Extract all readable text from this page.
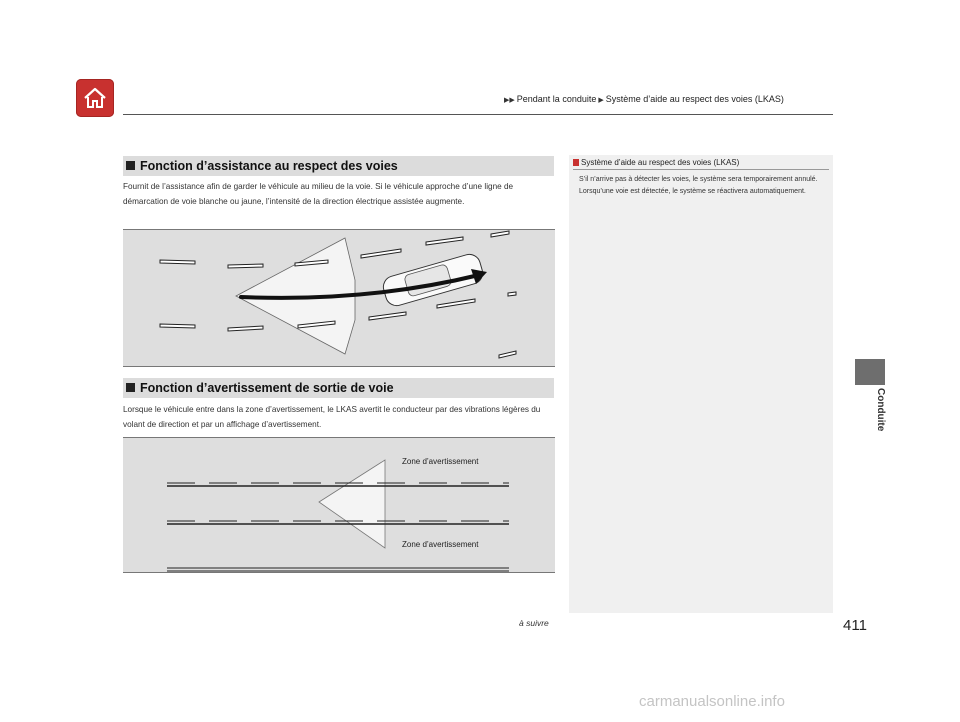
▶▶ Pendant la conduite ▶ Système d’aide au respect des voies (LKAS)
Conduite
Fonction d’assistance au respect des voies
Fournit de l’assistance afin de garder le véhicule au milieu de la voie. Si le véhicule approche d’une ligne de démarcation de voie blanche ou jaune, l’intensité de la direction électrique assistée augmente.
Fonction d’avertissement de sortie de voie
Lorsque le véhicule entre dans la zone d’avertissement, le LKAS avertit le conducteur par des vibrations légères du volant de direction et par un affichage d’avertissement.
Zone d’avertissement
Zone d’avertissement
Système d’aide au respect des voies (LKAS)
S’il n’arrive pas à détecter les voies, le système sera temporairement annulé. Lorsqu’une voie est détectée, le système se réactivera automatiquement.
à suivre	411
carmanualsonline.info
